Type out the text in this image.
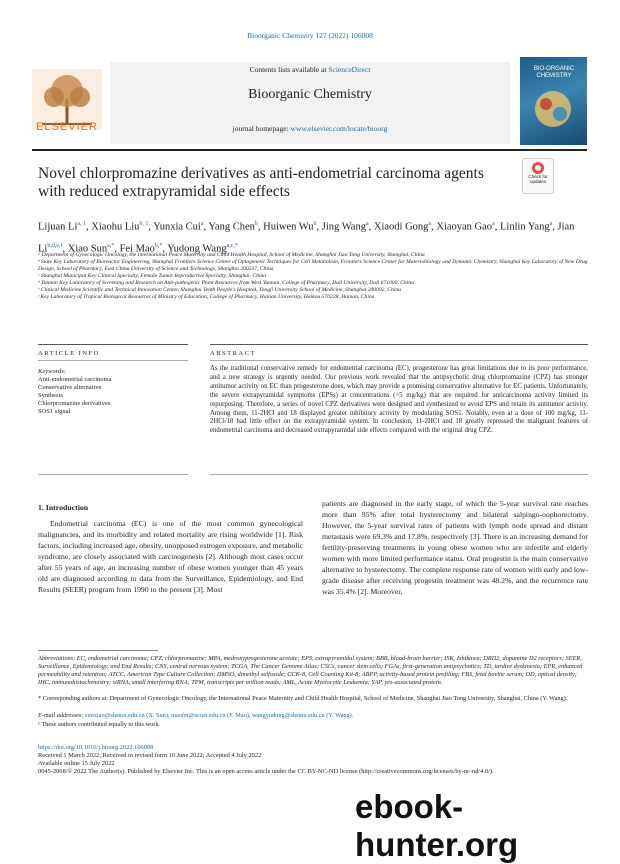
Bioorganic Chemistry 127 (2022) 106008
Contents lists available at ScienceDirect
Bioorganic Chemistry
journal homepage: www.elsevier.com/locate/bioorg
ELSEVIER
BIO-ORGANIC CHEMISTRY
Novel chlorpromazine derivatives as anti-endometrial carcinoma agents with reduced extrapyramidal side effects
Check for updates
Lijuan Li$^{a, 1}$, Xiaohu Liu$^{b, 1}$, Yunxia Cui$^a$, Yang Chen$^b$, Huiwen Wu$^b$, Jing Wang$^a$, Xiaodi Gong$^a$, Xiaoyan Gao$^a$, Linlin Yang$^a$, Jian Li$^{b,d,e,f}$, Xiao Sun$^{a,*}$, Fei Mao$^{b,*}$, Yudong Wang$^{a,c,*}$
ᵃ Department of Gynecologic Oncology, the International Peace Maternity and Child Health Hospital, School of Medicine, Shanghai Jiao Tong University, Shanghai, China
ᵇ State Key Laboratory of Bioreactor Engineering, Shanghai Frontiers Science Center of Optogenetic Techniques for Cell Metabolism, Frontiers Science Center for Materiobiology and Dynamic Chemistry, Shanghai Key Laboratory of New Drug Design, School of Pharmacy, East China University of Science and Technology, Shanghai 200237, China
ᶜ Shanghai Municipal Key Clinical Specialty, Female Tumor Reproductive Specialty, Shanghai, China
ᵈ Yunnan Key Laboratory of Screening and Research on Anti-pathogenic Plant Resources from West Yunnan, College of Pharmacy, Dali University, Dali 671000, China
ᵉ Clinical Medicine Scientific and Technical Innovation Center, Shanghai Tenth People's Hospital, Tongji University School of Medicine, Shanghai 200092, China
ᶠ Key Laboratory of Tropical Biological Resources of Ministry of Education, College of Pharmacy, Hainan University, Haikou 570228, Hainan, China
ARTICLE INFO	ABSTRACT
Keywords:
Anti-endometrial carcinoma
Conservative alternative
Synthesis
Chlorpromazine derivatives
SOS1 signal
As the traditional conservative remedy for endometrial carcinoma (EC), progesterone has great limitations due to its poor performance, and a new strategy is urgently needed. Our previous work revealed that the antipsychotic drug chlorpromazine (CPZ) has stronger antitumor activity on EC than progesterone does, which may provide a promising conservative alternative for EC patients. Unfortunately, the severe extrapyramidal symptoms (EPSs) at concentrations (>5 mg/kg) that are required for anticarcinoma activity limited its repurposing. Therefore, a series of novel CPZ derivatives were designed and synthesized to avoid EPS and retain its antitumor activity. Among them, 11-2HCl and 18 displayed greater inhibitory activity by modulating SOS1. Notably, even at a dose of 100 mg/kg, 11-2HCl/18 had little effect on the extrapyramidal system. In conclusion, 11-2HCl and 18 greatly repressed the malignant features of endometrial carcinoma and decreased extrapyramidal side effects compared with the original drug CPZ.
1. Introduction
Endometrial carcinoma (EC) is one of the most common gynecological malignancies, and its morbidity and related mortality are rising worldwide [1]. Risk factors, including increased age, obesity, unopposed estrogen exposure, and metabolic syndrome, are closely associated with carcinogenesis [2]. Although most cases occur after 55 years of age, an increasing number of obese women younger than 45 years old are diagnosed according to data from the Surveillance, Epidemiology, and End Results (SEER) program from 1990 to the present [3]. Most
patients are diagnosed in the early stage, of which the 5-year survival rate reaches more than 95% after total hysterectomy and bilateral salpingo-oophorectomy. However, the 5-year survival rates of patients with lymph node spread and distant metastasis were 69.3% and 17.8%, respectively [3]. There is an increasing demand for fertility-preserving treatments in young obese women who are infertile and elderly women with more limited performance status. Oral progestin is the main conservative alternative to hysterectomy. The complete response rate of women with early and low-grade disease after receiving progestin treatment was 48.2%, and the recurrence rate was 35.4% [2]. Moreover,
Abbreviations: EC, endometrial carcinoma; CPZ, chlorpromazine; MPA, medroxyprogesterone acetate; EPS, extrapyramidal system; BBB, blood-brain barrier; ISK, Ishikawa; DRD2, dopamine D2 receptors; SEER, Surveillance, Epidemiology, and End Results; CNS, central nervous system; TCGA, The Cancer Genome Atlas; CSCs, cancer stem cells; FGAs, first-generation antipsychotics; TD, tardive dyskinesia; EPR, enhanced permeability and retention; ATCC, American Type Culture Collection; DMSO, dimethyl sulfoxide; CCK-8, Cell Counting Kit-8; ABPP, activity-based protein profiling; FBS, fetal bovine serum; OD, optical density; IHC, immunohistochemistry; siRNA, small interfering RNA; TPM, transcripts per million reads; AML, Acute Myelocytic Leukemia; YAP, yes-associated protein.
* Corresponding authors at: Department of Gynecologic Oncology, the International Peace Maternity and Child Health Hospital, School of Medicine, Shanghai Jiao Tong University, Shanghai, China (Y. Wang).
E-mail addresses: sunxiao@shsmu.edu.cn (X. Sun), maofei@ecust.edu.cn (F. Mao), wangyudong@shsmu.edu.cn (Y. Wang).
¹ These authors contributed equally to this work.
https://doi.org/10.1016/j.bioorg.2022.106008
Received 1 March 2022; Received in revised form 10 June 2022; Accepted 4 July 2022
Available online 15 July 2022
0045-2068/© 2022 The Author(s). Published by Elsevier Inc. This is an open access article under the CC BY-NC-ND license (http://creativecommons.org/licenses/by-nc-nd/4.0/).
ebook-hunter.org
